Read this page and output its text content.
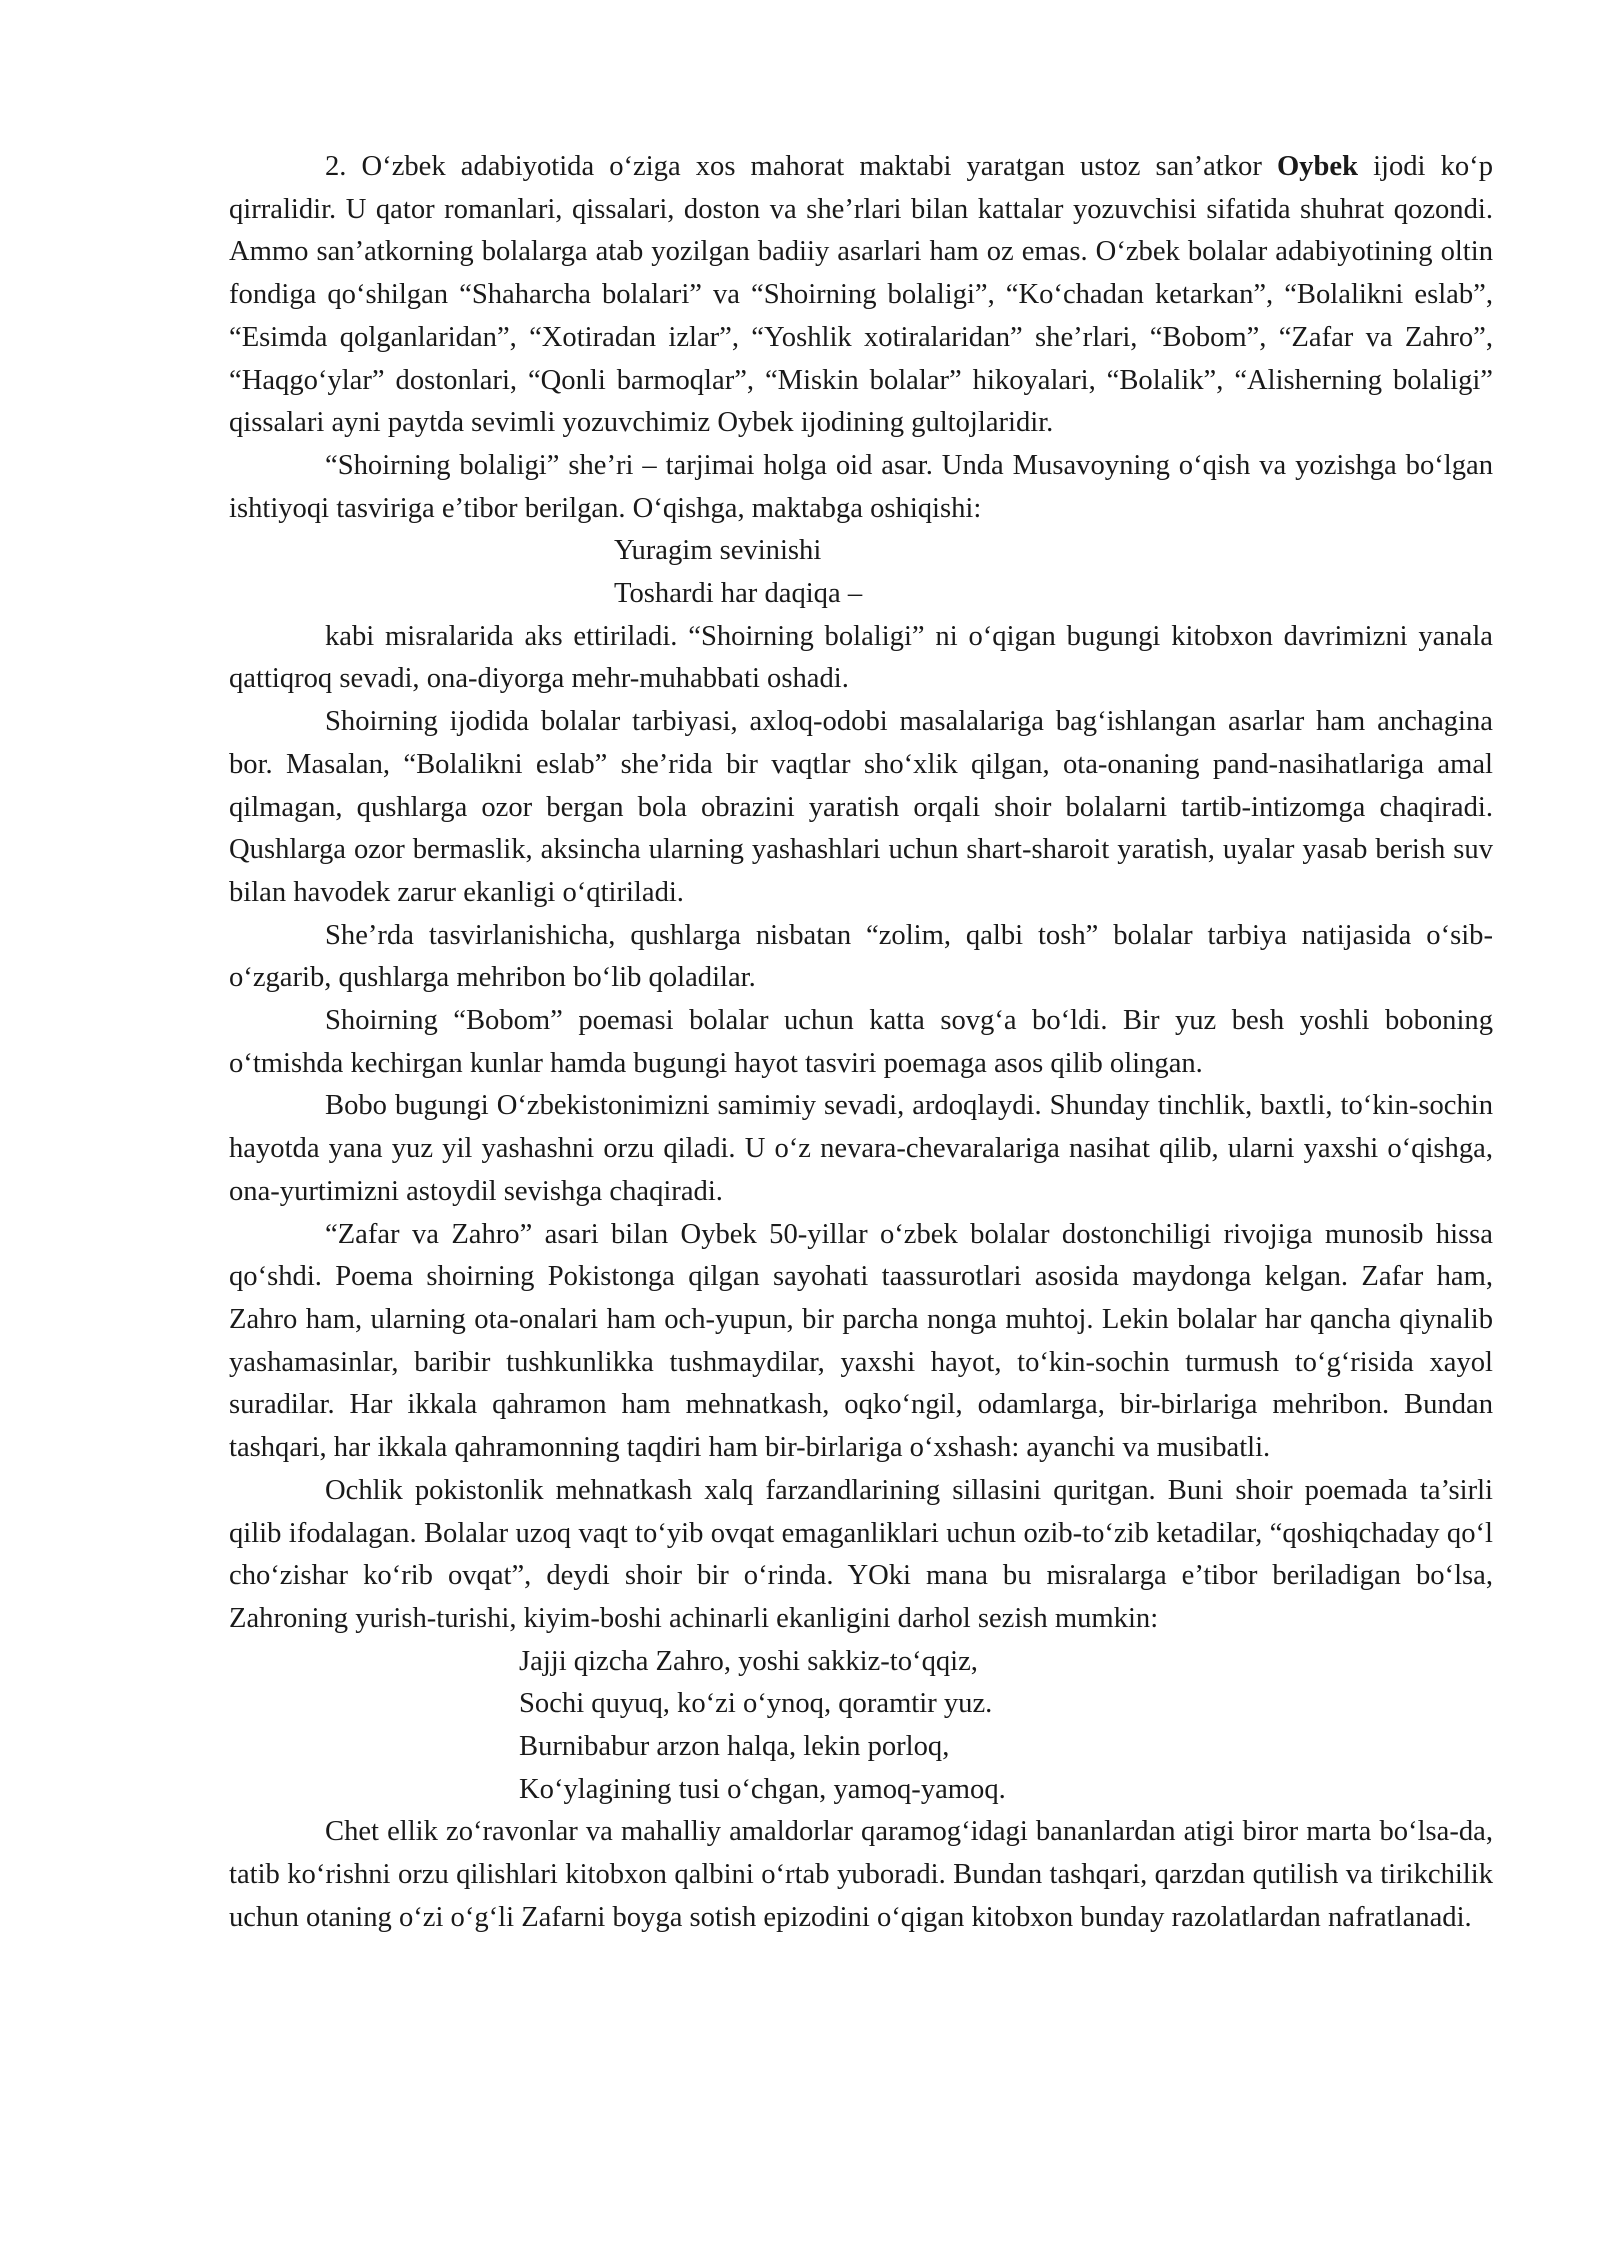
2. O‘zbek adabiyotida o‘ziga xos mahorat maktabi yaratgan ustoz san’atkor Oybek ijodi ko‘p qirralidir. U qator romanlari, qissalari, doston va she’rlari bilan kattalar yozuvchisi sifatida shuhrat qozondi. Ammo san’atkorning bolalarga atab yozilgan badiiy asarlari ham oz emas. O‘zbek bolalar adabiyotining oltin fondiga qo‘shilgan “Shaharcha bolalari” va “Shoirning bolaligi”, “Ko‘chadan ketarkan”, “Bolalikni eslab”, “Esimda qolganlaridan”, “Xotiradan izlar”, “Yoshlik xotiralaridan” she’rlari, “Bobom”, “Zafar va Zahro”, “Haqgo‘ylar” dostonlari, “Qonli barmoqlar”, “Miskin bolalar” hikoyalari, “Bolalik”, “Alisherning bolaligi” qissalari ayni paytda sevimli yozuvchimiz Oybek ijodining gultojlaridir.

“Shoirning bolaligi” she’ri – tarjimai holga oid asar. Unda Musavoyning o‘qish va yozishga bo‘lgan ishtiyoqi tasviriga e’tibor berilgan. O‘qishga, maktabga oshiqishi:

Yuragim sevinishi
Toshardi har daqiqa –

kabi misralarida aks ettiriladi. “Shoirning bolaligi” ni o‘qigan bugungi kitobxon davrimizni yanala qattiqroq sevadi, ona-diyorga mehr-muhabbati oshadi.

Shoirning ijodida bolalar tarbiyasi, axloq-odobi masalalariga bag‘ishlangan asarlar ham anchagina bor. Masalan, “Bolalikni eslab” she’rida bir vaqtlar sho‘xlik qilgan, ota-onaning pand-nasihatlariga amal qilmagan, qushlarga ozor bergan bola obrazini yaratish orqali shoir bolalarni tartib-intizomga chaqiradi. Qushlarga ozor bermaslik, aksincha ularning yashashlari uchun shart-sharoit yaratish, uyalar yasab berish suv bilan havodek zarur ekanligi o‘qtiriladi.

She’rda tasvirlanishicha, qushlarga nisbatan “zolim, qalbi tosh” bolalar tarbiya natijasida o‘sib-o‘zgarib, qushlarga mehribon bo‘lib qoladilar.

Shoirning “Bobom” poemasi bolalar uchun katta sovg‘a bo‘ldi. Bir yuz besh yoshli boboning o‘tmishda kechirgan kunlar hamda bugungi hayot tasviri poemaga asos qilib olingan.

Bobo bugungi O‘zbekistonimizni samimiy sevadi, ardoqlaydi. Shunday tinchlik, baxtli, to‘kin-sochin hayotda yana yuz yil yashashni orzu qiladi. U o‘z nevara-chevaralariga nasihat qilib, ularni yaxshi o‘qishga, ona-yurtimizni astoydil sevishga chaqiradi.

“Zafar va Zahro” asari bilan Oybek 50-yillar o‘zbek bolalar dostonchiligi rivojiga munosib hissa qo‘shdi. Poema shoirning Pokistonga qilgan sayohati taassurotlari asosida maydonga kelgan. Zafar ham, Zahro ham, ularning ota-onalari ham och-yupun, bir parcha nonga muhtoj. Lekin bolalar har qancha qiynalib yashamasinlar, baribir tushkunlikka tushmaydilar, yaxshi hayot, to‘kin-sochin turmush to‘g‘risida xayol suradilar. Har ikkala qahramon ham mehnatkash, oqko‘ngil, odamlarga, bir-birlariga mehribon. Bundan tashqari, har ikkala qahramonning taqdiri ham bir-birlariga o‘xshash: ayanchi va musibatli.

Ochlik pokistonlik mehnatkash xalq farzandlarining sillasini quritgan. Buni shoir poemada ta’sirli qilib ifodalagan. Bolalar uzoq vaqt to‘yib ovqat emaganliklari uchun ozib-to‘zib ketadilar, “qoshiqchaday qo‘l cho‘zishar ko‘rib ovqat”, deydi shoir bir o‘rinda. YOki mana bu misralarga e’tibor beriladigan bo‘lsa, Zahroning yurish-turishi, kiyim-boshi achinarli ekanligini darhol sezish mumkin:

Jajji qizcha Zahro, yoshi sakkiz-to‘qqiz,
Sochi quyuq, ko‘zi o‘ynoq, qoramtir yuz.
Burnibabur arzon halqa, lekin porloq,
Ko‘ylagining tusi o‘chgan, yamoq-yamoq.

Chet ellik zo‘ravonlar va mahalliy amaldorlar qaramog‘idagi bananlardan atigi biror marta bo‘lsa-da, tatib ko‘rishni orzu qilishlari kitobxon qalbini o‘rtab yuboradi. Bundan tashqari, qarzdan qutilish va tirikchilik uchun otaning o‘zi o‘g‘li Zafarni boyga sotish epizodini o‘qigan kitobxon bunday razolatlardan nafratlanadi.
